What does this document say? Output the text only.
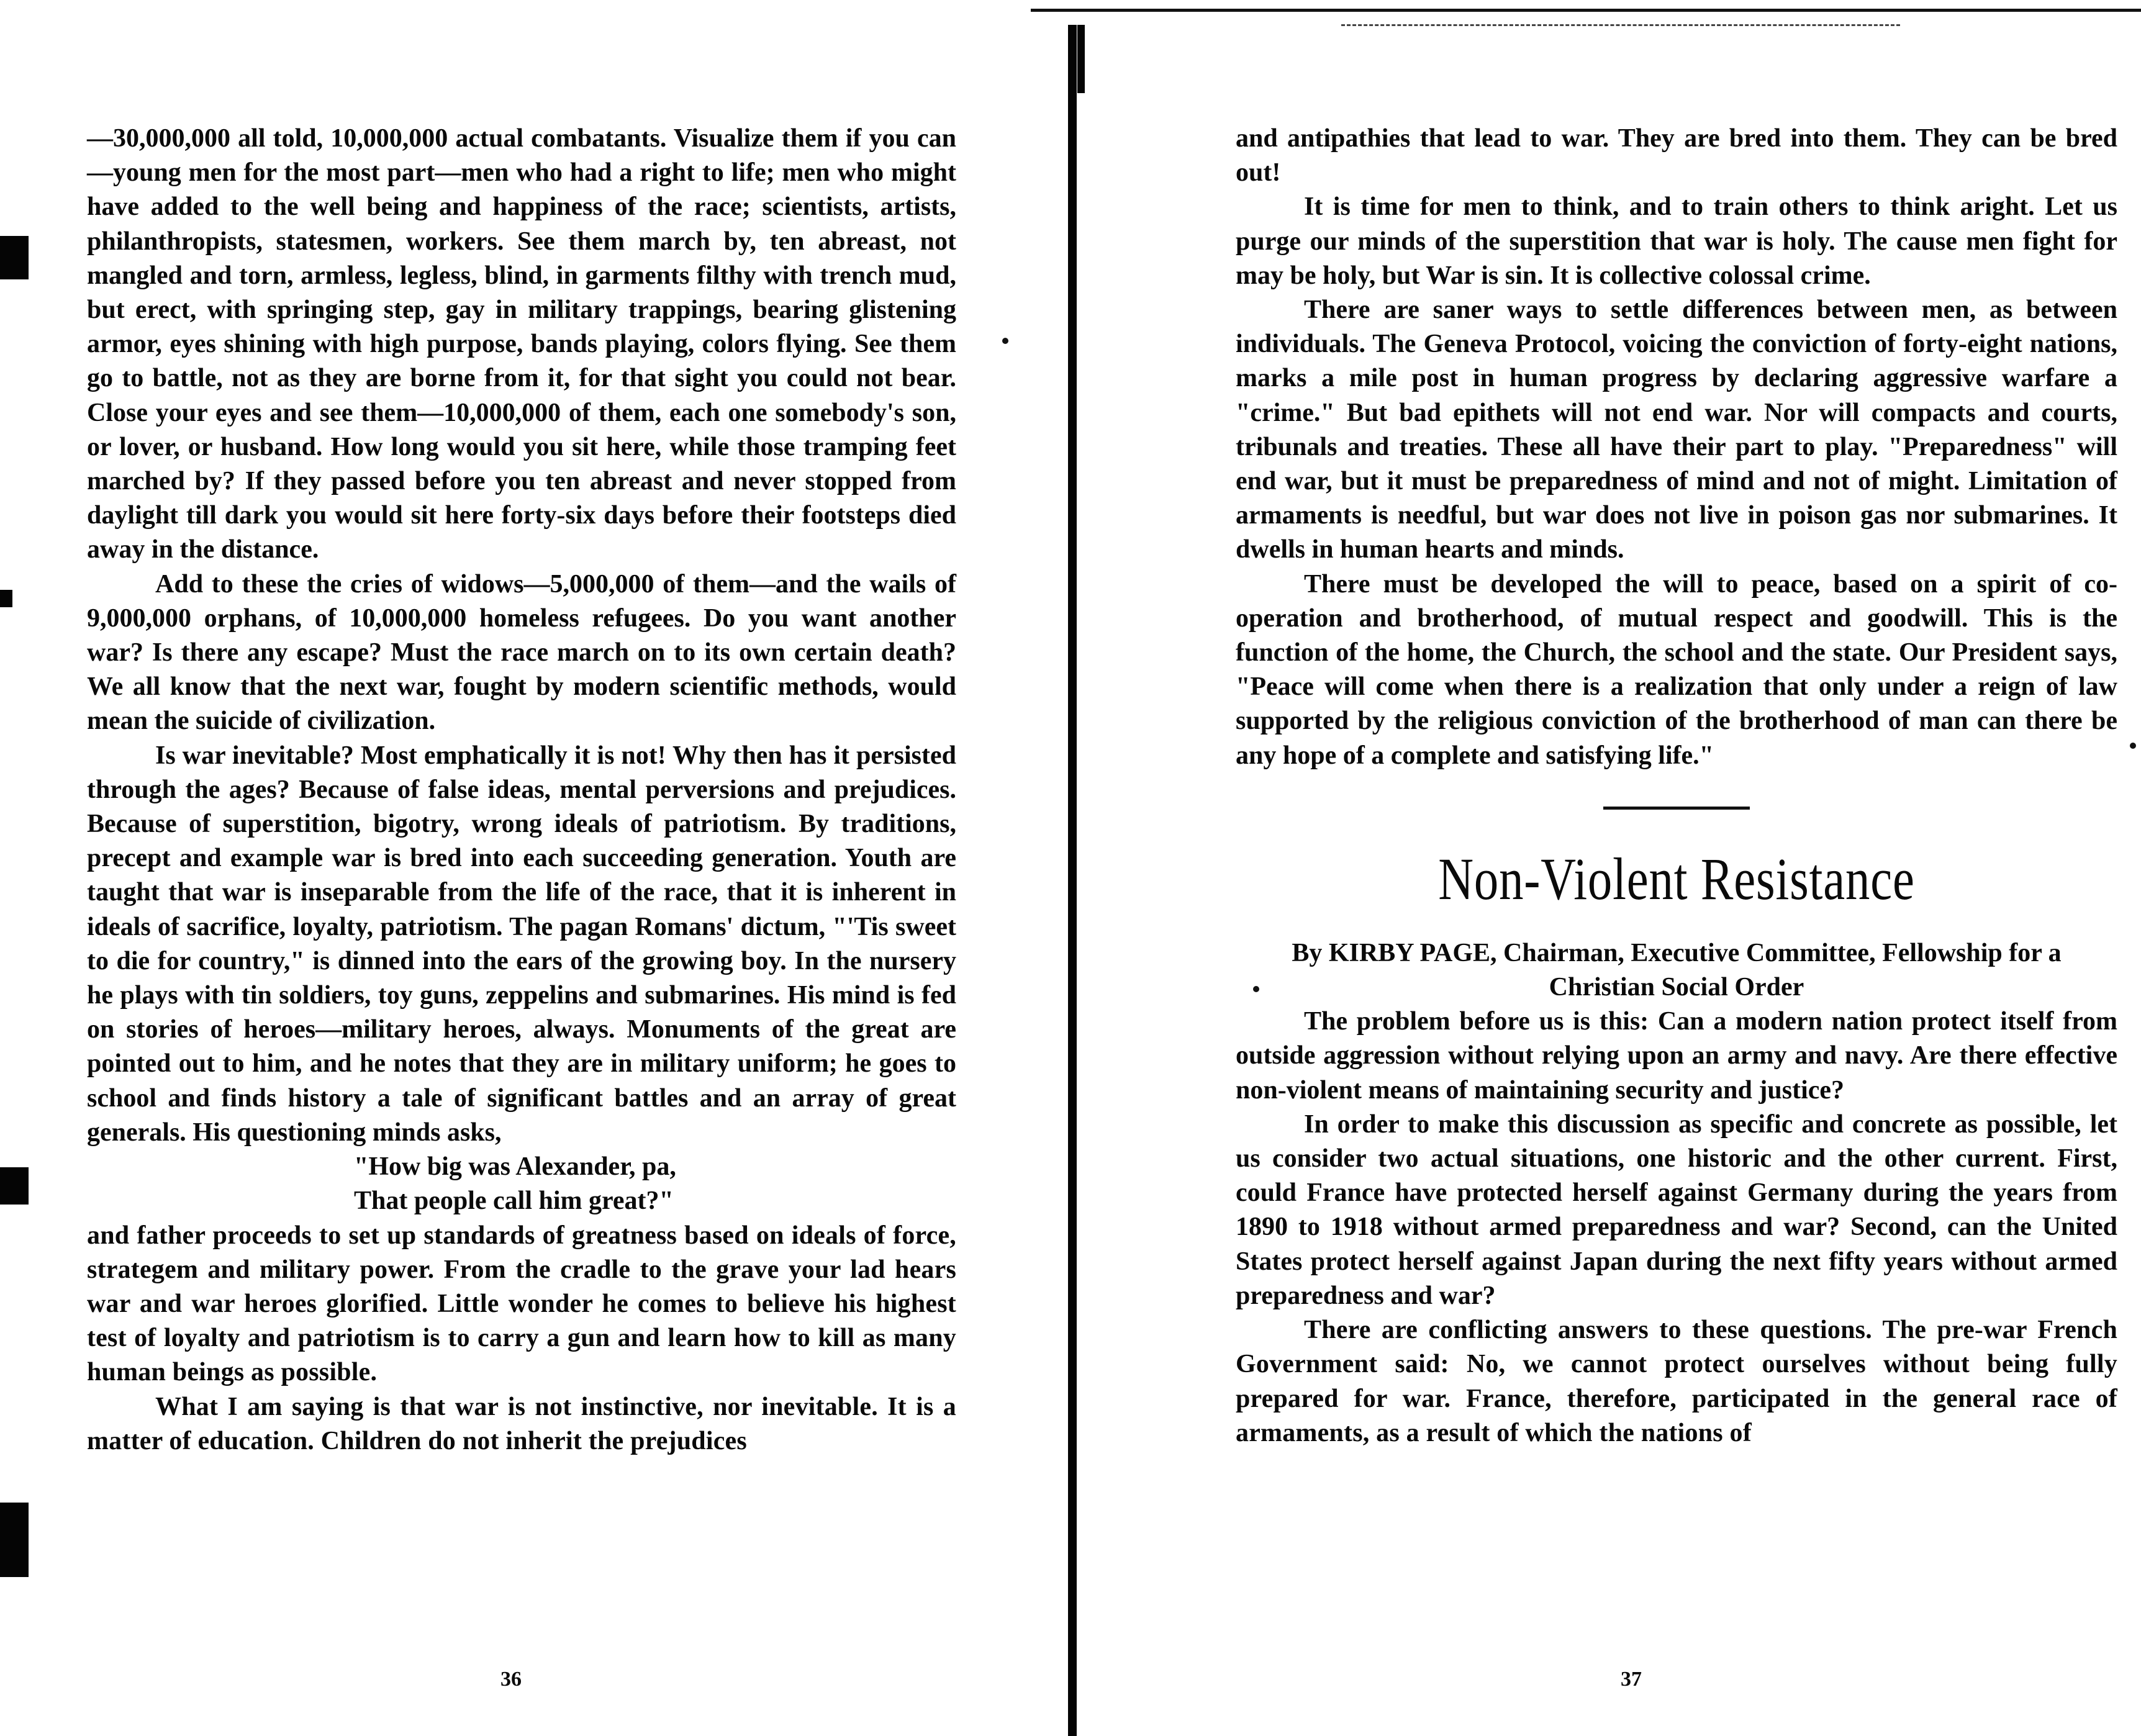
—30,000,000 all told, 10,000,000 actual combatants. Visualize them if you can—young men for the most part—men who had a right to life; men who might have added to the well being and happiness of the race; scientists, artists, philanthropists, statesmen, workers. See them march by, ten abreast, not mangled and torn, armless, legless, blind, in garments filthy with trench mud, but erect, with springing step, gay in military trappings, bearing glistening armor, eyes shining with high purpose, bands playing, colors flying. See them go to battle, not as they are borne from it, for that sight you could not bear. Close your eyes and see them—10,000,000 of them, each one somebody's son, or lover, or husband. How long would you sit here, while those tramping feet marched by? If they passed before you ten abreast and never stopped from daylight till dark you would sit here forty-six days before their footsteps died away in the distance.

Add to these the cries of widows—5,000,000 of them—and the wails of 9,000,000 orphans, of 10,000,000 homeless refugees. Do you want another war? Is there any escape? Must the race march on to its own certain death? We all know that the next war, fought by modern scientific methods, would mean the suicide of civilization.

Is war inevitable? Most emphatically it is not! Why then has it persisted through the ages? Because of false ideas, mental perversions and prejudices. Because of superstition, bigotry, wrong ideals of patriotism. By traditions, precept and example war is bred into each succeeding generation. Youth are taught that war is inseparable from the life of the race, that it is inherent in ideals of sacrifice, loyalty, patriotism. The pagan Romans' dictum, "'Tis sweet to die for country," is dinned into the ears of the growing boy. In the nursery he plays with tin soldiers, toy guns, zeppelins and submarines. His mind is fed on stories of heroes—military heroes, always. Monuments of the great are pointed out to him, and he notes that they are in military uniform; he goes to school and finds history a tale of significant battles and an array of great generals. His questioning minds asks,

"How big was Alexander, pa,
That people call him great?"

and father proceeds to set up standards of greatness based on ideals of force, strategem and military power. From the cradle to the grave your lad hears war and war heroes glorified. Little wonder he comes to believe his highest test of loyalty and patriotism is to carry a gun and learn how to kill as many human beings as possible.

What I am saying is that war is not instinctive, nor inevitable. It is a matter of education. Children do not inherit the prejudices

36

and antipathies that lead to war. They are bred into them. They can be bred out!

It is time for men to think, and to train others to think aright. Let us purge our minds of the superstition that war is holy. The cause men fight for may be holy, but War is sin. It is collective colossal crime.

There are saner ways to settle differences between men, as between individuals. The Geneva Protocol, voicing the conviction of forty-eight nations, marks a mile post in human progress by declaring aggressive warfare a "crime." But bad epithets will not end war. Nor will compacts and courts, tribunals and treaties. These all have their part to play. "Preparedness" will end war, but it must be preparedness of mind and not of might. Limitation of armaments is needful, but war does not live in poison gas nor submarines. It dwells in human hearts and minds.

There must be developed the will to peace, based on a spirit of co-operation and brotherhood, of mutual respect and goodwill. This is the function of the home, the Church, the school and the state. Our President says, "Peace will come when there is a realization that only under a reign of law supported by the religious conviction of the brotherhood of man can there be any hope of a complete and satisfying life."

Non-Violent Resistance

By KIRBY PAGE, Chairman, Executive Committee, Fellowship for a Christian Social Order

The problem before us is this: Can a modern nation protect itself from outside aggression without relying upon an army and navy. Are there effective non-violent means of maintaining security and justice?

In order to make this discussion as specific and concrete as possible, let us consider two actual situations, one historic and the other current. First, could France have protected herself against Germany during the years from 1890 to 1918 without armed preparedness and war? Second, can the United States protect herself against Japan during the next fifty years without armed preparedness and war?

There are conflicting answers to these questions. The pre-war French Government said: No, we cannot protect ourselves without being fully prepared for war. France, therefore, participated in the general race of armaments, as a result of which the nations of

37
